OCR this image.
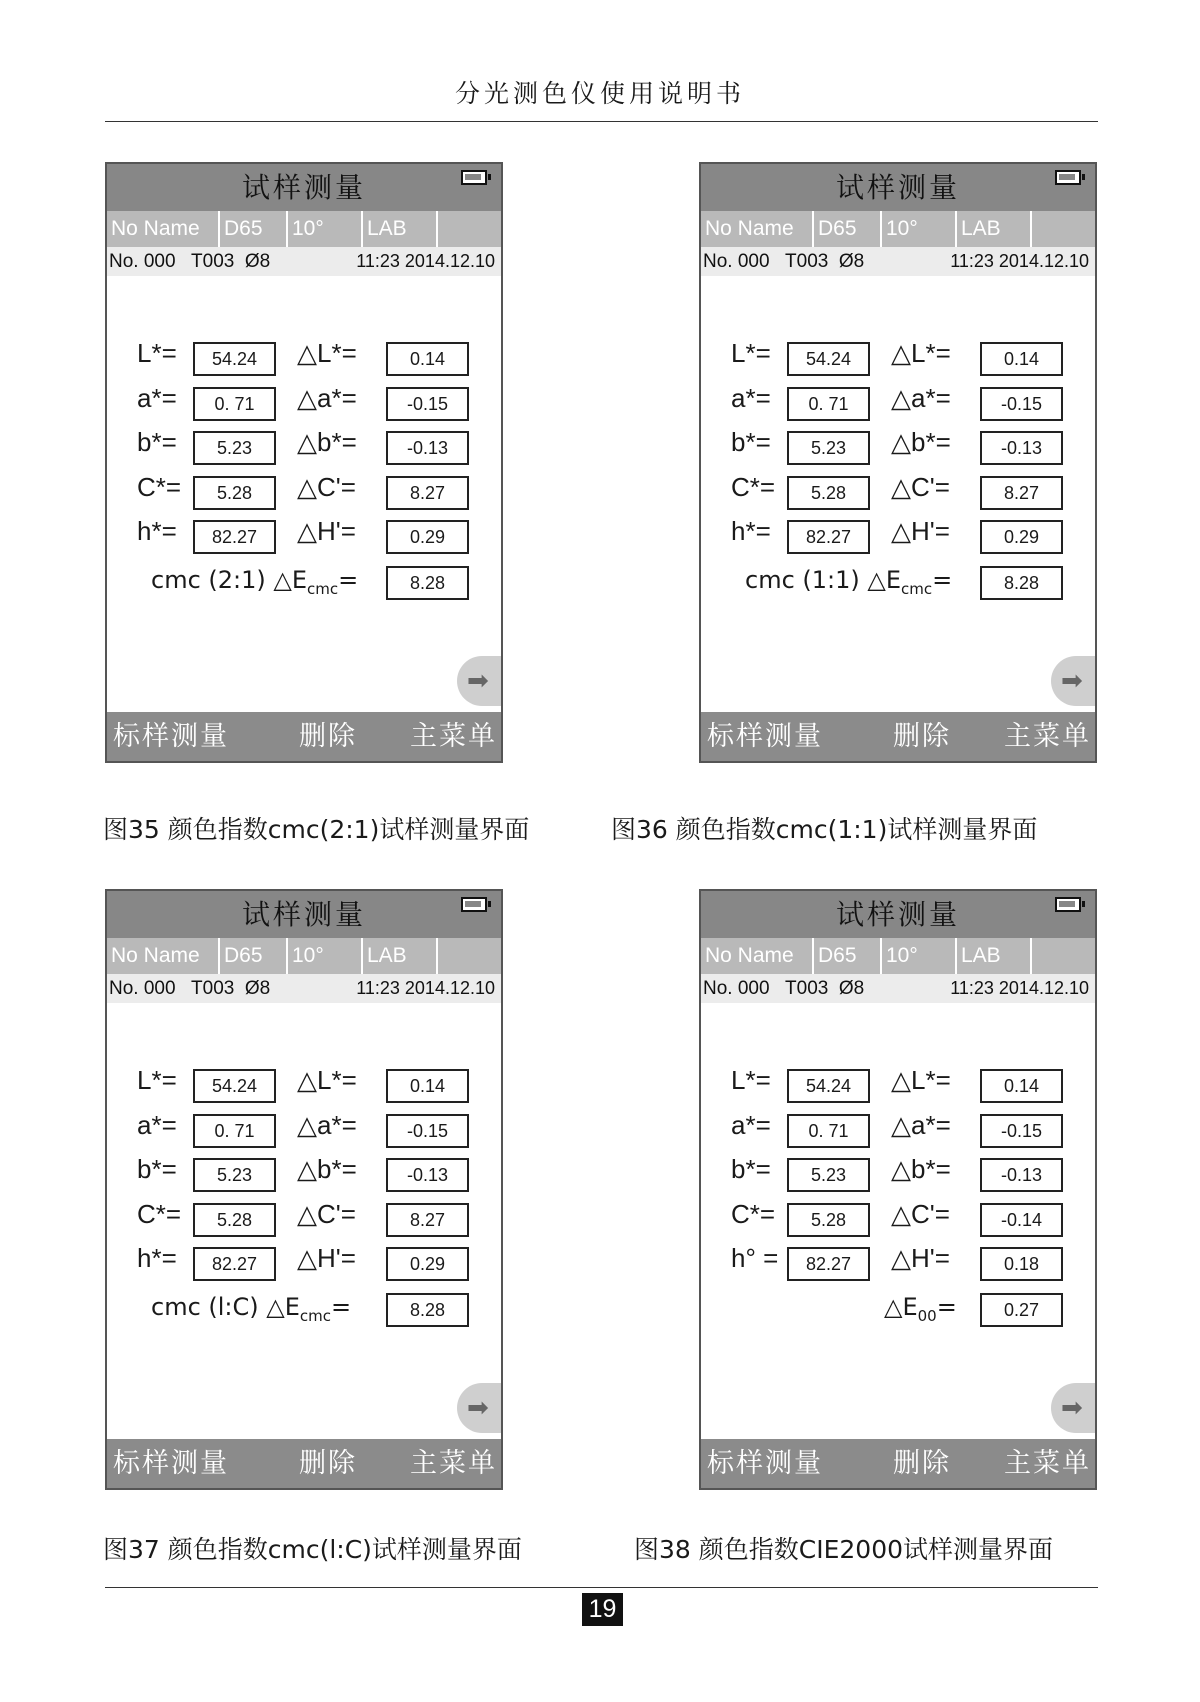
分光测色仪使用说明书
试样测量
No Name	D65	10°	LAB
No. 000   T003  Ø8	11:23 2014.12.10
L*=	54.24	△L*=	0.14
a*=	0. 71	△a*=	-0.15
b*=	5.23	△b*=	-0.13
C*=	5.28	△C'=	8.27
h*=	82.27	△H'=	0.29
cmc (2:1) $\triangle E_{cmc}=$	8.28
➡
标样测量	删除 主菜单
试样测量
No Name	D65	10°	LAB
No. 000   T003  Ø8	11:23 2014.12.10
L*=	54.24	△L*=	0.14
a*=	0. 71	△a*=	-0.15
b*=	5.23	△b*=	-0.13
C*=	5.28	△C'=	8.27
h*=	82.27	△H'=	0.29
cmc (1:1) $\triangle E_{cmc}=$	8.28
➡
标样测量	删除 主菜单
试样测量
No Name	D65	10°	LAB
No. 000   T003  Ø8	11:23 2014.12.10
L*=	54.24	△L*=	0.14
a*=	0. 71	△a*=	-0.15
b*=	5.23	△b*=	-0.13
C*=	5.28	△C'=	8.27
h*=	82.27	△H'=	0.29
cmc (l:C) $\triangle E_{cmc}=$	8.28
➡
标样测量	删除 主菜单
试样测量
No Name	D65	10°	LAB
No. 000   T003  Ø8	11:23 2014.12.10
L*=	54.24	△L*=	0.14
a*=	0. 71	△a*=	-0.15
b*=	5.23	△b*=	-0.13
C*=	5.28	△C'=	-0.14
h° =	82.27	△H'=	0.18
$\triangle E_{00}=$	0.27
➡
标样测量	删除 主菜单
图35 颜色指数cmc(2:1)试样测量界面	图36 颜色指数cmc(1:1)试样测量界面
图37 颜色指数cmc(l:C)试样测量界面	图38 颜色指数CIE2000试样测量界面
19
